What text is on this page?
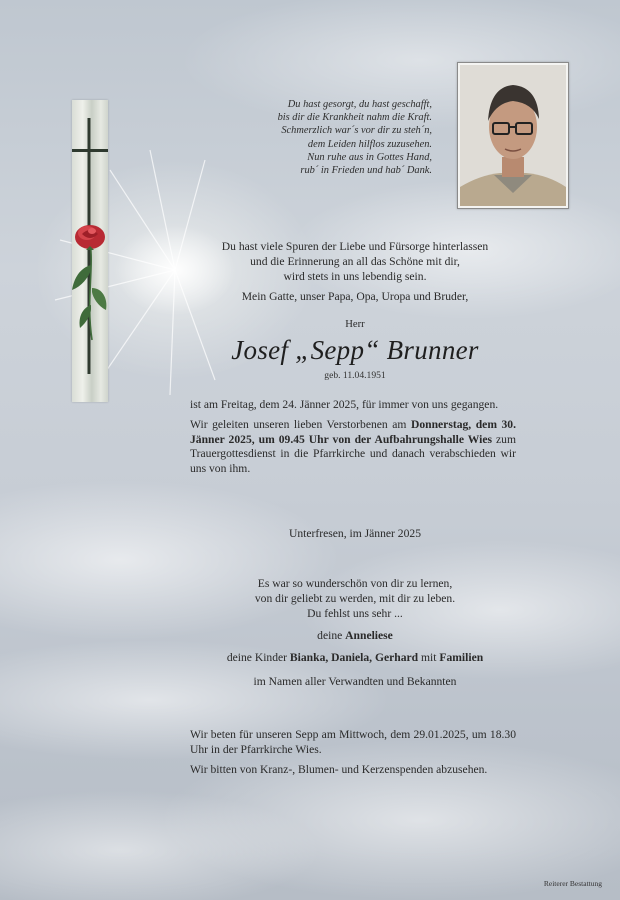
Du hast gesorgt, du hast geschafft,
bis dir die Krankheit nahm die Kraft.
Schmerzlich war´s vor dir zu steh´n,
dem Leiden hilflos zuzusehen.
Nun ruhe aus in Gottes Hand,
rub´ in Frieden und hab´ Dank.
Du hast viele Spuren der Liebe und Fürsorge hinterlassen
und die Erinnerung an all das Schöne mit dir,
wird stets in uns lebendig sein.
Mein Gatte, unser Papa, Opa, Uropa und Bruder,
Herr
Josef „Sepp“ Brunner
geb. 11.04.1951

ist am Freitag, dem 24. Jänner 2025, für immer von uns gegangen.

Wir geleiten unseren lieben Verstorbenen am Donnerstag, dem 30. Jänner 2025, um 09.45 Uhr von der Aufbahrungshalle Wies zum Trauergottesdienst in die Pfarrkirche und danach verabschieden wir uns von ihm.

Unterfresen, im Jänner 2025
Es war so wunderschön von dir zu lernen,
von dir geliebt zu werden, mit dir zu leben.
Du fehlst uns sehr ...
deine Anneliese
deine Kinder Bianka, Daniela, Gerhard mit Familien
im Namen aller Verwandten und Bekannten

Wir beten für unseren Sepp am Mittwoch, dem 29.01.2025, um 18.30 Uhr in der Pfarrkirche Wies.

Wir bitten von Kranz-, Blumen- und Kerzenspenden abzusehen.

Reiterer Bestattung
